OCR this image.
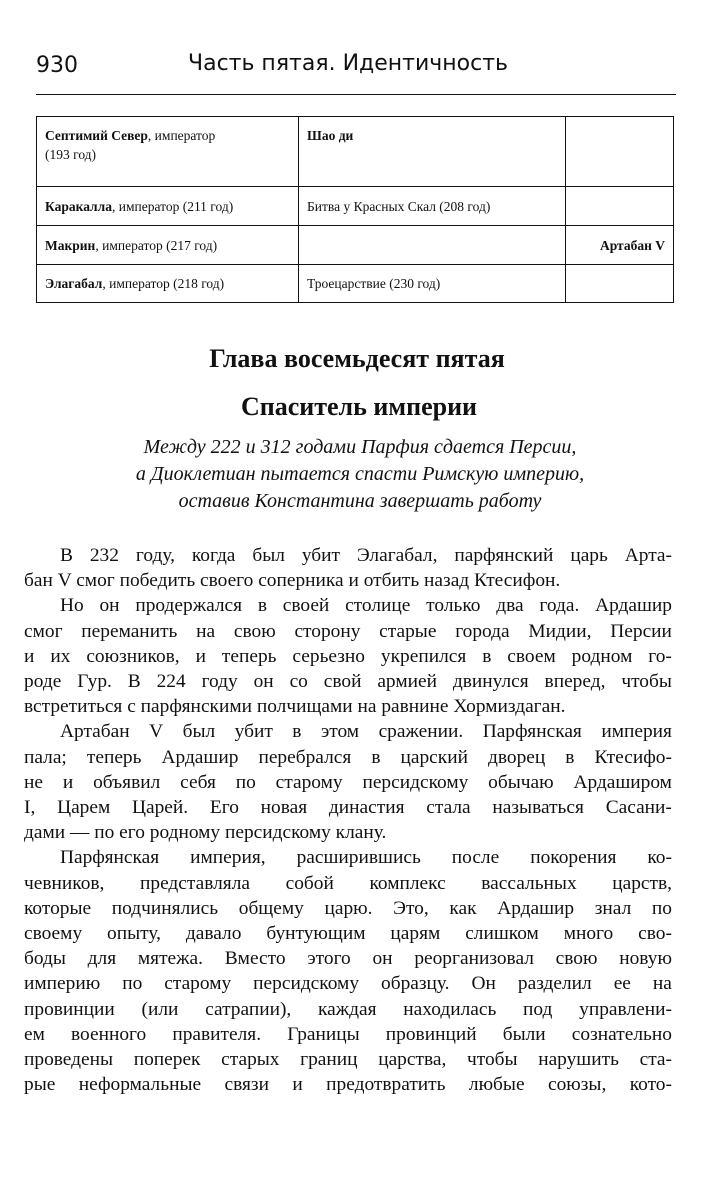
930	Часть пятая. Идентичность
Септимий Север, император
(193 год)	Шао ди	
Каракалла, император (211 год)	Битва у Красных Скал (208 год)	
Макрин, император (217 год)		Артабан V
Элагабал, император (218 год)	Троецарствие (230 год)	
Глава восемьдесят пятая
Спаситель империи
Между 222 и 312 годами Парфия сдается Персии,
а Диоклетиан пытается спасти Римскую империю,
оставив Константина завершать работу
В 232 году, когда был убит Элагабал, парфянский царь Арта-
бан V смог победить своего соперника и отбить назад Ктесифон.
Но он продержался в своей столице только два года. Ардашир
смог переманить на свою сторону старые города Мидии, Персии
и их союзников, и теперь серьезно укрепился в своем родном го-
роде Гур. В 224 году он со свой армией двинулся вперед, чтобы
встретиться с парфянскими полчищами на равнине Хормиздаган.
Артабан V был убит в этом сражении. Парфянская империя
пала; теперь Ардашир перебрался в царский дворец в Ктесифо-
не и объявил себя по старому персидскому обычаю Ардаширом
I, Царем Царей. Его новая династия стала называться Сасани-
дами — по его родному персидскому клану.
Парфянская империя, расширившись после покорения ко-
чевников, представляла собой комплекс вассальных царств,
которые подчинялись общему царю. Это, как Ардашир знал по
своему опыту, давало бунтующим царям слишком много сво-
боды для мятежа. Вместо этого он реорганизовал свою новую
империю по старому персидскому образцу. Он разделил ее на
провинции (или сатрапии), каждая находилась под управлени-
ем военного правителя. Границы провинций были сознательно
проведены поперек старых границ царства, чтобы нарушить ста-
рые неформальные связи и предотвратить любые союзы, кото-
